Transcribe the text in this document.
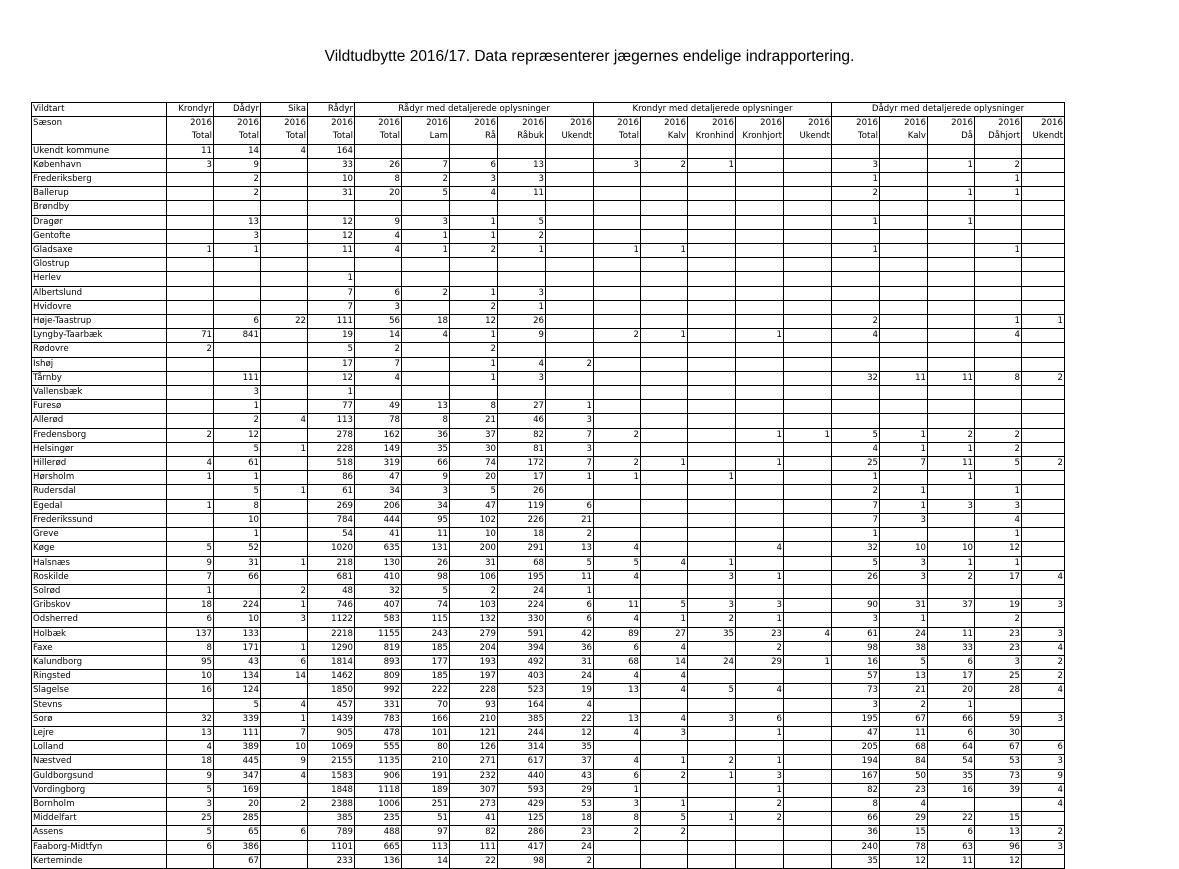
Vildtudbytte 2016/17. Data repræsenterer jægernes endelige indrapportering.
Vildtart	Krondyr	Dådyr	Sika	Rådyr	Rådyr med detaljerede oplysninger					Krondyr med detaljerede oplysninger					Dådyr med detaljerede oplysninger				
Sæson	2016	2016	2016	2016	2016	2016	2016	2016	2016	2016	2016	2016	2016	2016	2016	2016	2016	2016	2016
	Total	Total	Total	Total	Total	Lam	Rå	Råbuk	Ukendt	Total	Kalv	Kronhind	Kronhjort	Ukendt	Total	Kalv	Då	Dåhjort	Ukendt
Ukendt kommune	11	14	4	164															
København	3	9		33	26	7	6	13		3	2	1			3		1	2	
Frederiksberg		2		10	8	2	3	3							1			1	
Ballerup		2		31	20	5	4	11							2		1	1	
Brøndby																			
Dragør		13		12	9	3	1	5							1		1		
Gentofte		3		12	4	1	1	2											
Gladsaxe	1	1		11	4	1	2	1		1	1				1			1	
Glostrup																			
Herlev				1															
Albertslund				7	6	2	1	3											
Hvidovre				7	3		2	1											
Høje-Taastrup		6	22	111	56	18	12	26							2			1	1
Lyngby-Taarbæk	71	841		19	14	4	1	9		2	1		1		4			4	
Rødovre	2			5	2		2												
Ishøj				17	7		1	4	2										
Tårnby		111		12	4		1	3							32	11	11	8	2
Vallensbæk		3		1															
Furesø		1		77	49	13	8	27	1										
Allerød		2	4	113	78	8	21	46	3										
Fredensborg	2	12		278	162	36	37	82	7	2			1	1	5	1	2	2	
Helsingør		5	1	228	149	35	30	81	3						4	1	1	2	
Hillerød	4	61		518	319	66	74	172	7	2	1		1		25	7	11	5	2
Hørsholm	1	1		86	47	9	20	17	1	1		1			1		1		
Rudersdal		5	1	61	34	3	5	26							2	1		1	
Egedal	1	8		269	206	34	47	119	6						7	1	3	3	
Frederikssund		10		784	444	95	102	226	21						7	3		4	
Greve		1		54	41	11	10	18	2						1			1	
Køge	5	52		1020	635	131	200	291	13	4			4		32	10	10	12	
Halsnæs	9	31	1	218	130	26	31	68	5	5	4	1			5	3	1	1	
Roskilde	7	66		681	410	98	106	195	11	4		3	1		26	3	2	17	4
Solrød	1		2	48	32	5	2	24	1										
Gribskov	18	224	1	746	407	74	103	224	6	11	5	3	3		90	31	37	19	3
Odsherred	6	10	3	1122	583	115	132	330	6	4	1	2	1		3	1		2	
Holbæk	137	133		2218	1155	243	279	591	42	89	27	35	23	4	61	24	11	23	3
Faxe	8	171	1	1290	819	185	204	394	36	6	4		2		98	38	33	23	4
Kalundborg	95	43	6	1814	893	177	193	492	31	68	14	24	29	1	16	5	6	3	2
Ringsted	10	134	14	1462	809	185	197	403	24	4	4				57	13	17	25	2
Slagelse	16	124		1850	992	222	228	523	19	13	4	5	4		73	21	20	28	4
Stevns		5	4	457	331	70	93	164	4						3	2	1		
Sorø	32	339	1	1439	783	166	210	385	22	13	4	3	6		195	67	66	59	3
Lejre	13	111	7	905	478	101	121	244	12	4	3		1		47	11	6	30	
Lolland	4	389	10	1069	555	80	126	314	35						205	68	64	67	6
Næstved	18	445	9	2155	1135	210	271	617	37	4	1	2	1		194	84	54	53	3
Guldborgsund	9	347	4	1583	906	191	232	440	43	6	2	1	3		167	50	35	73	9
Vordingborg	5	169		1848	1118	189	307	593	29	1			1		82	23	16	39	4
Bornholm	3	20	2	2388	1006	251	273	429	53	3	1		2		8	4			4
Middelfart	25	285		385	235	51	41	125	18	8	5	1	2		66	29	22	15	
Assens	5	65	6	789	488	97	82	286	23	2	2				36	15	6	13	2
Faaborg-Midtfyn	6	386		1101	665	113	111	417	24						240	78	63	96	3
Kerteminde		67		233	136	14	22	98	2						35	12	11	12	
